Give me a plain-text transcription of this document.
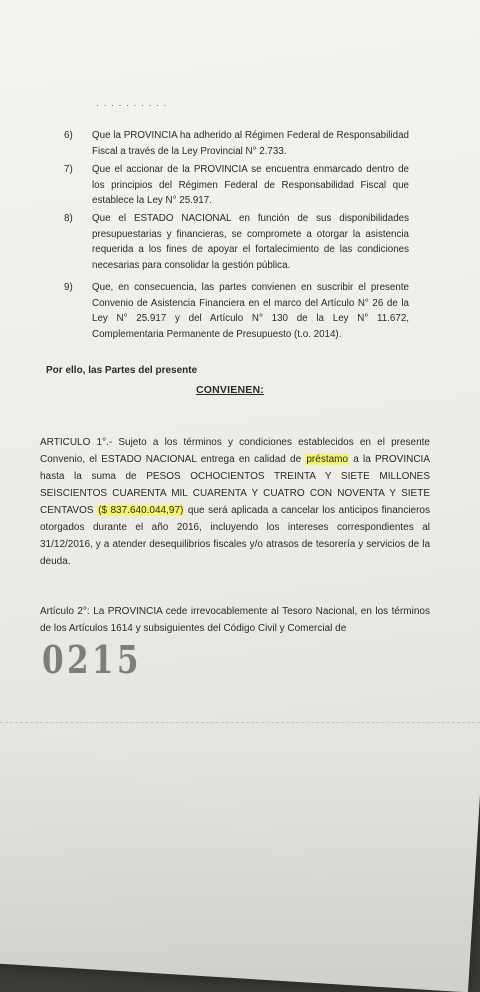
· · · · · · · · · ·
6)	Que la PROVINCIA ha adherido al Régimen Federal de Responsabilidad Fiscal a través de la Ley Provincial N° 2.733.
7)	Que el accionar de la PROVINCIA se encuentra enmarcado dentro de los principios del Régimen Federal de Responsabilidad Fiscal que establece la Ley N° 25.917.
8)	Que el ESTADO NACIONAL en función de sus disponibilidades presupuestarias y financieras, se compromete a otorgar la asistencia requerida a los fines de apoyar el fortalecimiento de las condiciones necesarias para consolidar la gestión pública.
9)	Que, en consecuencia, las partes convienen en suscribir el presente Convenio de Asistencia Financiera en el marco del Artículo N° 26 de la Ley N° 25.917 y del Artículo N° 130 de la Ley N° 11.672, Complementaria Permanente de Presupuesto (t.o. 2014).
Por ello, las Partes del presente
CONVIENEN:
ARTICULO 1°.- Sujeto a los términos y condiciones establecidos en el presente Convenio, el ESTADO NACIONAL entrega en calidad de préstamo a la PROVINCIA hasta la suma de PESOS OCHOCIENTOS TREINTA Y SIETE MILLONES SEISCIENTOS CUARENTA MIL CUARENTA Y CUATRO CON NOVENTA Y SIETE CENTAVOS ($ 837.640.044,97) que será aplicada a cancelar los anticipos financieros otorgados durante el año 2016, incluyendo los intereses correspondientes al 31/12/2016, y a atender desequilibrios fiscales y/o atrasos de tesorería y servicios de la deuda.
Artículo 2°: La PROVINCIA cede irrevocablemente al Tesoro Nacional, en los términos de los Artículos 1614 y subsiguientes del Código Civil y Comercial de
0215
